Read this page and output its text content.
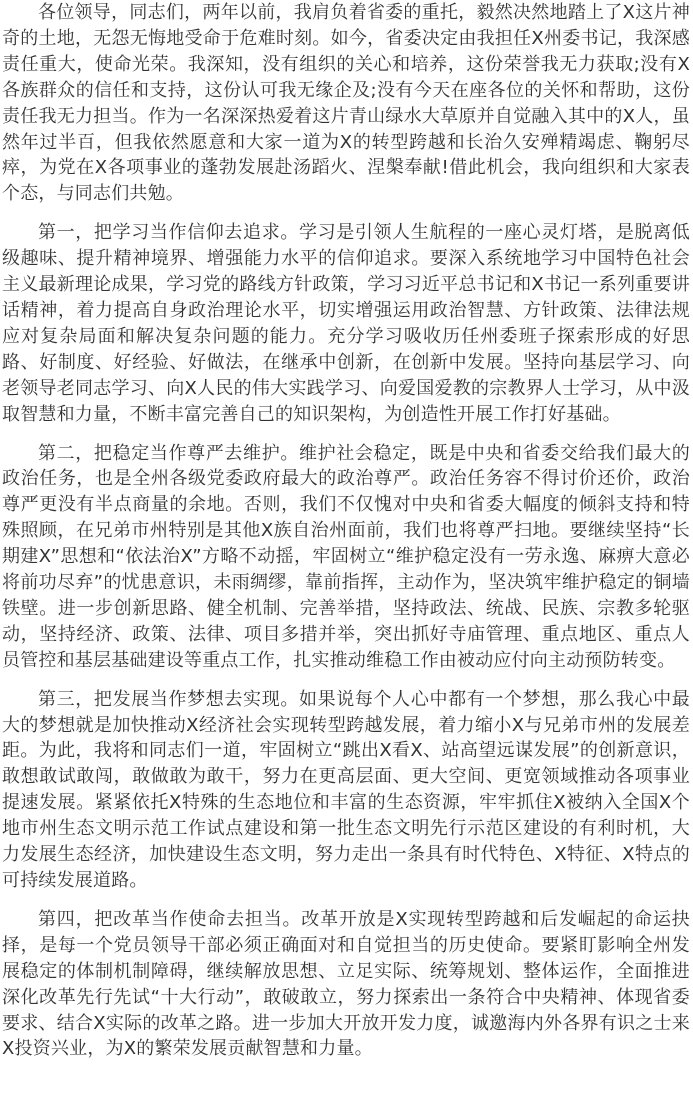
各位领导，同志们，两年以前，我肩负着省委的重托，毅然决然地踏上了X这片神奇的土地，无怨无悔地受命于危难时刻。如今，省委决定由我担任X州委书记，我深感责任重大，使命光荣。我深知，没有组织的关心和培养，这份荣誉我无力获取;没有X各族群众的信任和支持，这份认可我无缘企及;没有今天在座各位的关怀和帮助，这份责任我无力担当。作为一名深深热爱着这片青山绿水大草原并自觉融入其中的X人，虽然年过半百，但我依然愿意和大家一道为X的转型跨越和长治久安殚精竭虑、鞠躬尽瘁，为党在X各项事业的蓬勃发展赴汤蹈火、涅槃奉献!借此机会，我向组织和大家表个态，与同志们共勉。

第一，把学习当作信仰去追求。学习是引领人生航程的一座心灵灯塔，是脱离低级趣味、提升精神境界、增强能力水平的信仰追求。要深入系统地学习中国特色社会主义最新理论成果，学习党的路线方针政策，学习习近平总书记和X书记一系列重要讲话精神，着力提高自身政治理论水平，切实增强运用政治智慧、方针政策、法律法规应对复杂局面和解决复杂问题的能力。充分学习吸收历任州委班子探索形成的好思路、好制度、好经验、好做法，在继承中创新，在创新中发展。坚持向基层学习、向老领导老同志学习、向X人民的伟大实践学习、向爱国爱教的宗教界人士学习，从中汲取智慧和力量，不断丰富完善自己的知识架构，为创造性开展工作打好基础。

第二，把稳定当作尊严去维护。维护社会稳定，既是中央和省委交给我们最大的政治任务，也是全州各级党委政府最大的政治尊严。政治任务容不得讨价还价，政治尊严更没有半点商量的余地。否则，我们不仅愧对中央和省委大幅度的倾斜支持和特殊照顾，在兄弟市州特别是其他X族自治州面前，我们也将尊严扫地。要继续坚持“长期建X”思想和“依法治X”方略不动摇，牢固树立“维护稳定没有一劳永逸、麻痹大意必将前功尽弃”的忧患意识，未雨绸缪，靠前指挥，主动作为，坚决筑牢维护稳定的铜墙铁壁。进一步创新思路、健全机制、完善举措，坚持政法、统战、民族、宗教多轮驱动，坚持经济、政策、法律、项目多措并举，突出抓好寺庙管理、重点地区、重点人员管控和基层基础建设等重点工作，扎实推动维稳工作由被动应付向主动预防转变。

第三，把发展当作梦想去实现。如果说每个人心中都有一个梦想，那么我心中最大的梦想就是加快推动X经济社会实现转型跨越发展，着力缩小X与兄弟市州的发展差距。为此，我将和同志们一道，牢固树立“跳出X看X、站高望远谋发展”的创新意识，敢想敢试敢闯，敢做敢为敢干，努力在更高层面、更大空间、更宽领域推动各项事业提速发展。紧紧依托X特殊的生态地位和丰富的生态资源，牢牢抓住X被纳入全国X个地市州生态文明示范工作试点建设和第一批生态文明先行示范区建设的有利时机，大力发展生态经济，加快建设生态文明，努力走出一条具有时代特色、X特征、X特点的可持续发展道路。

第四，把改革当作使命去担当。改革开放是X实现转型跨越和后发崛起的命运抉择，是每一个党员领导干部必须正确面对和自觉担当的历史使命。要紧盯影响全州发展稳定的体制机制障碍，继续解放思想、立足实际、统筹规划、整体运作，全面推进深化改革先行先试“十大行动”，敢破敢立，努力探索出一条符合中央精神、体现省委要求、结合X实际的改革之路。进一步加大开放开发力度，诚邀海内外各界有识之士来X投资兴业，为X的繁荣发展贡献智慧和力量。
